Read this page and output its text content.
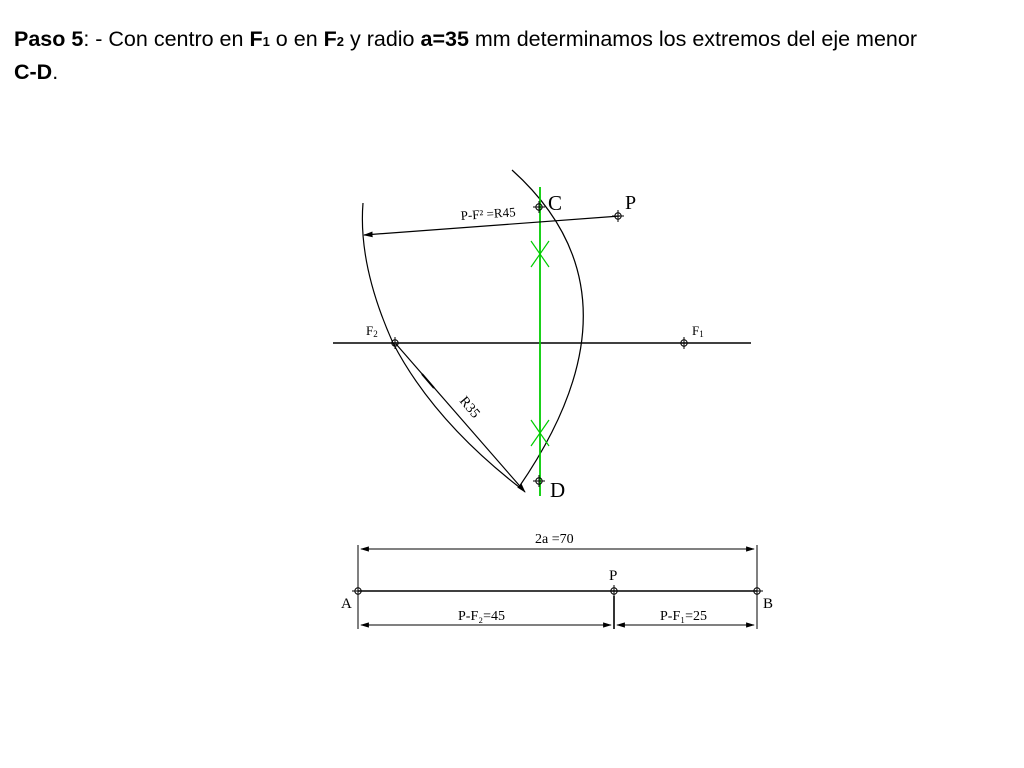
Paso 5: - Con centro en F1 o en F2 y radio a=35 mm determinamos los extremos del eje menor
C-D.

C	P
P-F² =R45
F2	F1
R35
D
2a =70
P
A	B
P-F₂=45	P-F₁=25
